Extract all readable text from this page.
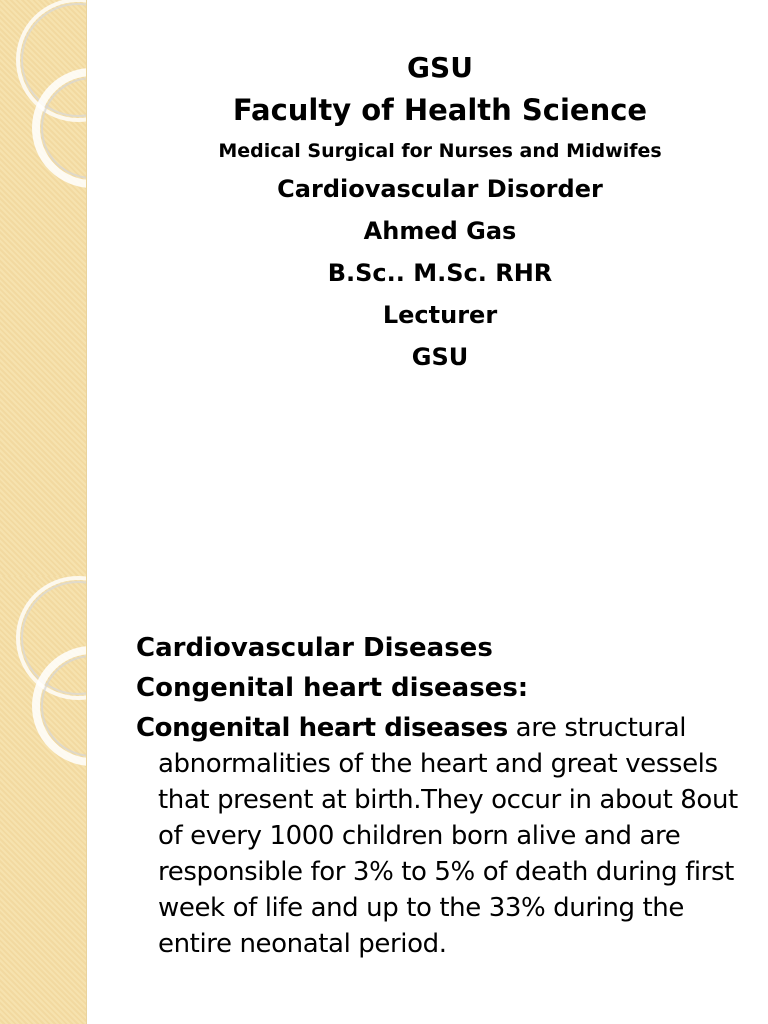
GSU
Faculty of Health Science
Medical Surgical for Nurses and Midwifes
Cardiovascular Disorder
Ahmed Gas
B.Sc.. M.Sc. RHR
Lecturer
GSU
Cardiovascular Diseases
Congenital heart diseases:
Congenital heart diseases are structural abnormalities of the heart and great vessels that present at birth.They occur in about 8out of every 1000 children born alive and are responsible for 3% to 5% of death during first week of life and up to the 33% during the entire neonatal period.
